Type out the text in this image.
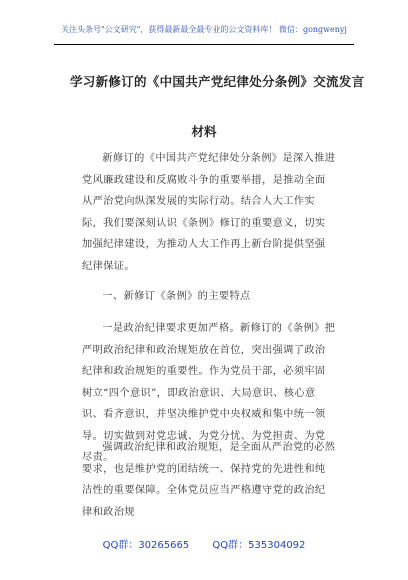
关注头条号"公文研究"，获得最新最全最专业的公文资料库！ 微信：gongwenyj
学习新修订的《中国共产党纪律处分条例》交流发言
材料

新修订的《中国共产党纪律处分条例》是深入推进党风廉政建设和反腐败斗争的重要举措，是推动全面从严治党向纵深发展的实际行动。结合人大工作实际，我们要深刻认识《条例》修订的重要意义，切实加强纪律建设，为推动人大工作再上新台阶提供坚强纪律保证。

一、新修订《条例》的主要特点

一是政治纪律要求更加严格。新修订的《条例》把严明政治纪律和政治规矩放在首位，突出强调了政治纪律和政治规矩的重要性。作为党员干部，必须牢固树立“四个意识”，即政治意识、大局意识、核心意识、看齐意识，并坚决维护党中央权威和集中统一领导。切实做到对党忠诚、为党分忧、为党担责、为党尽责。

强调政治纪律和政治规矩，是全面从严治党的必然要求，也是维护党的团结统一、保持党的先进性和纯洁性的重要保障。全体党员应当严格遵守党的政治纪律和政治规

QQ群：30265665 QQ群：535304092
